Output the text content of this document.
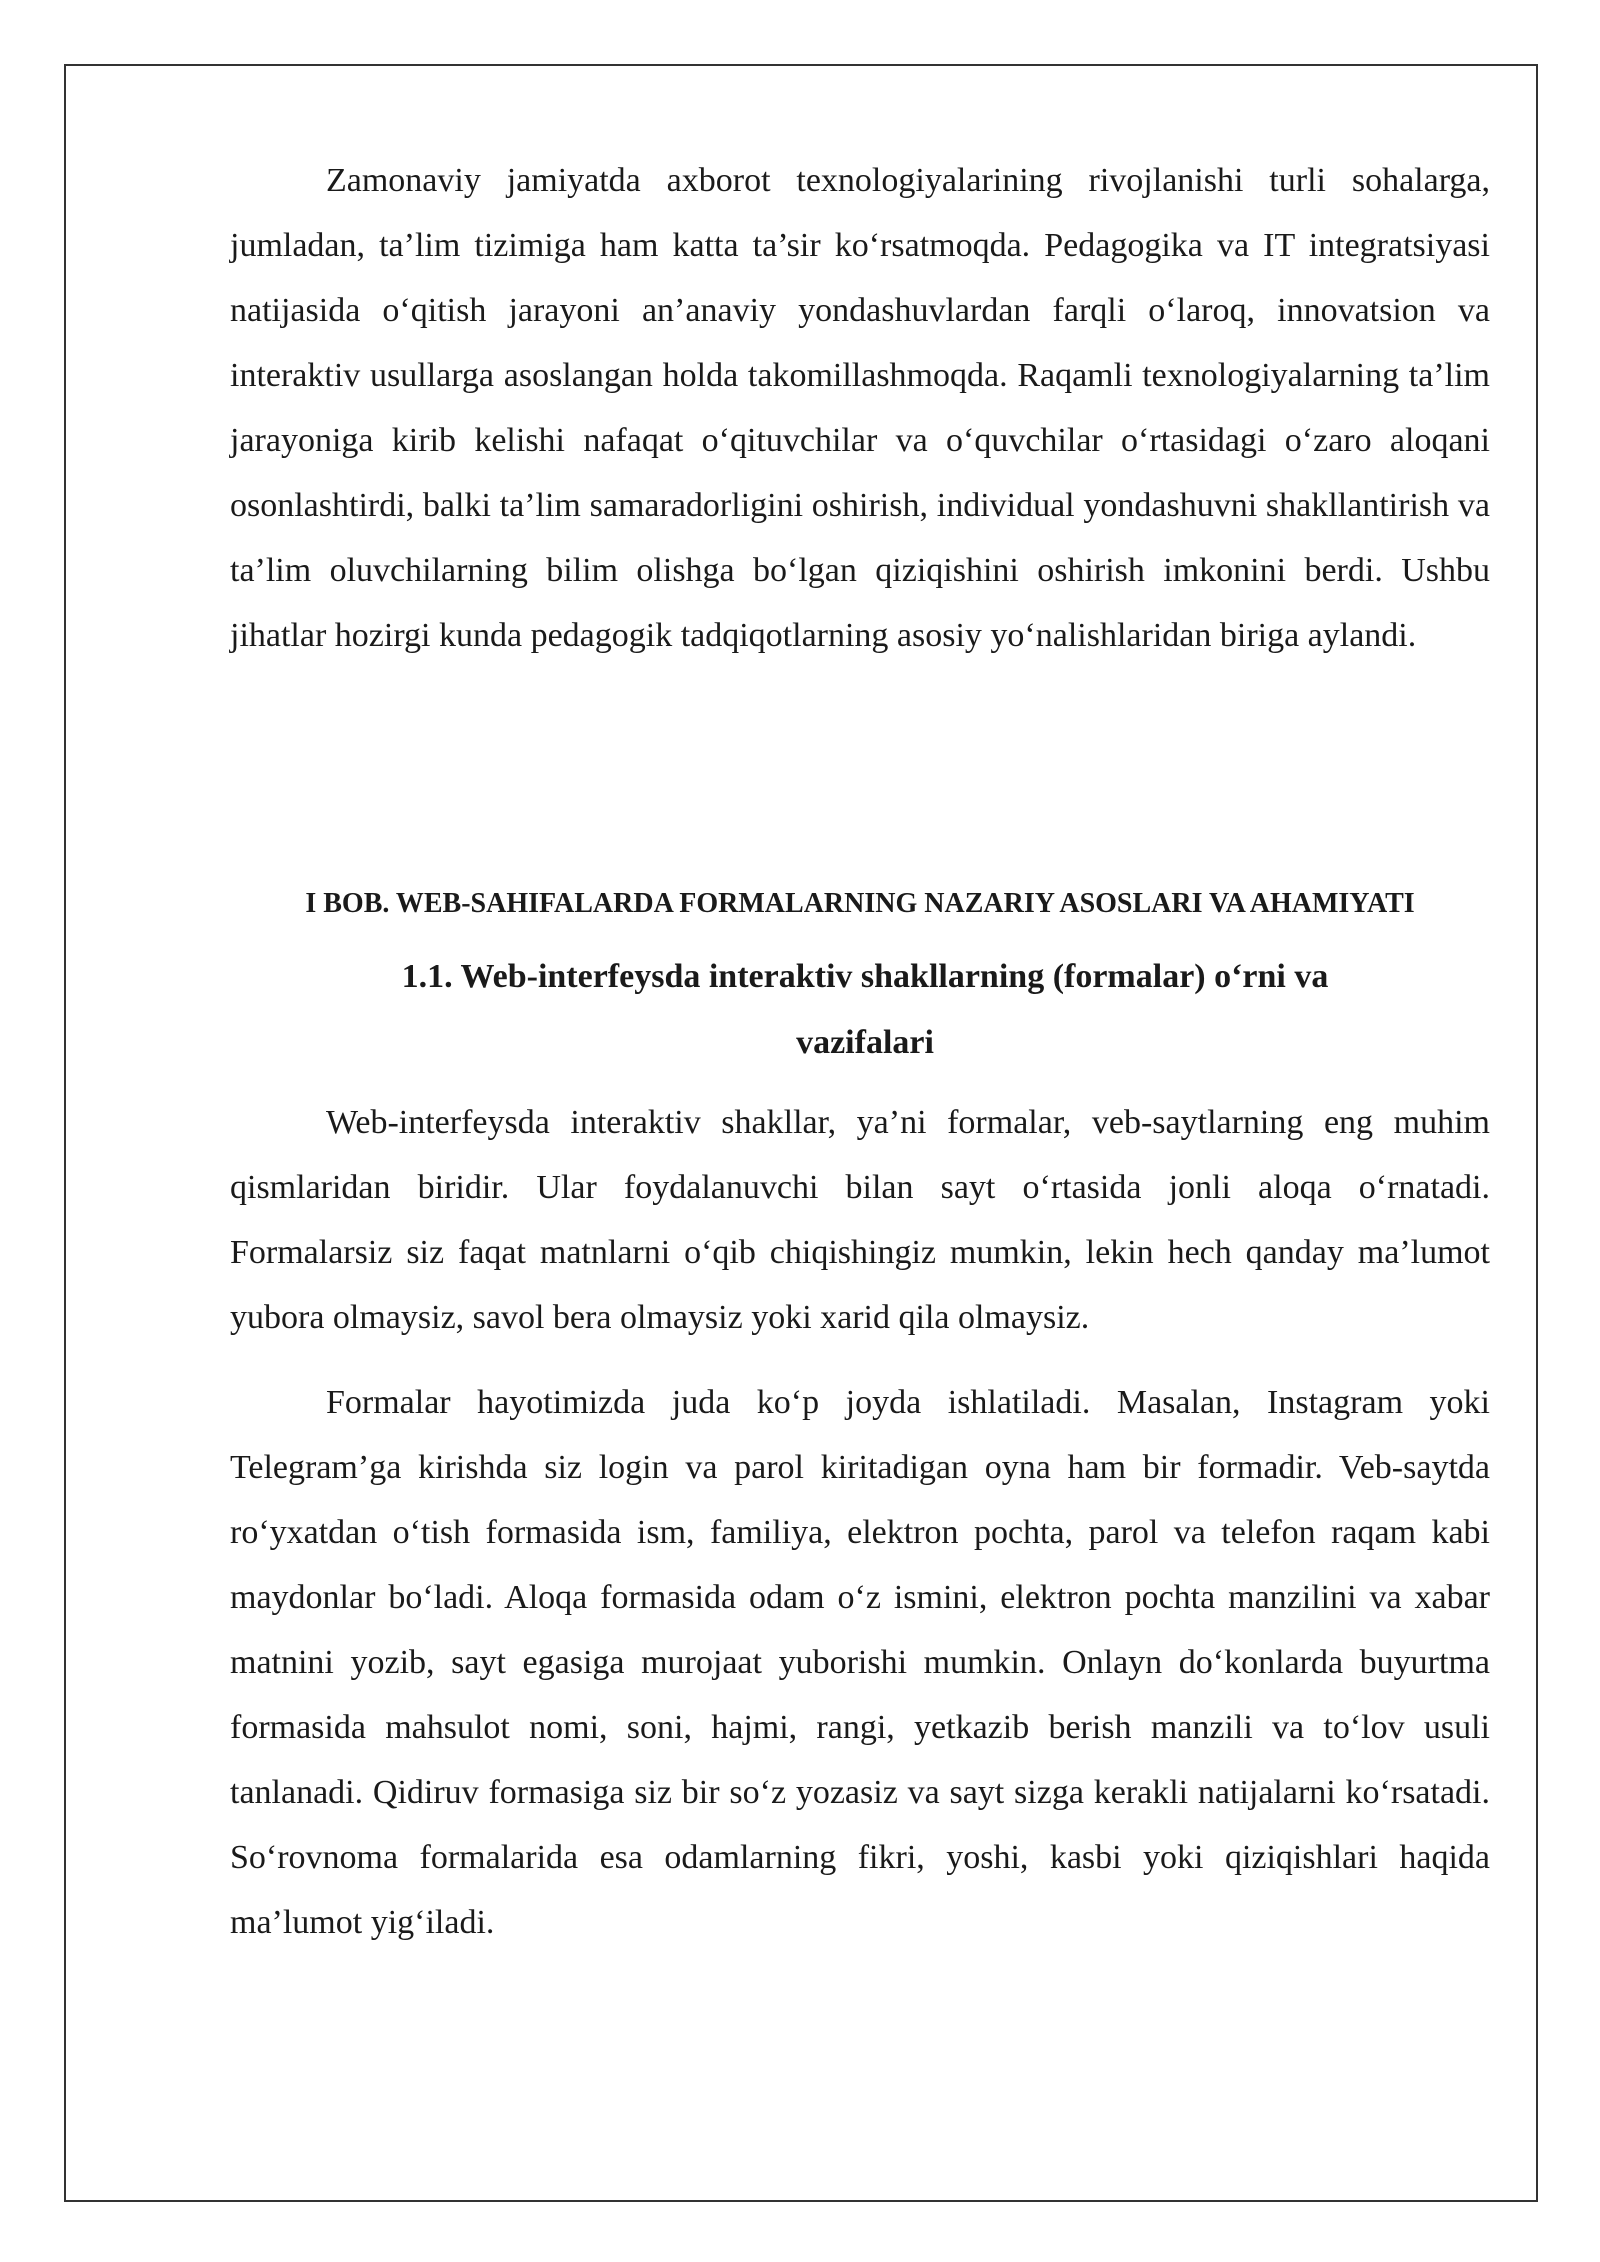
Zamonaviy jamiyatda axborot texnologiyalarining rivojlanishi turli sohalarga, jumladan, ta’lim tizimiga ham katta ta’sir ko‘rsatmoqda. Pedagogika va IT integratsiyasi natijasida o‘qitish jarayoni an’anaviy yondashuvlardan farqli o‘laroq, innovatsion va interaktiv usullarga asoslangan holda takomillashmoqda. Raqamli texnologiyalarning ta’lim jarayoniga kirib kelishi nafaqat o‘qituvchilar va o‘quvchilar o‘rtasidagi o‘zaro aloqani osonlashtirdi, balki ta’lim samaradorligini oshirish, individual yondashuvni shakllantirish va ta’lim oluvchilarning bilim olishga bo‘lgan qiziqishini oshirish imkonini berdi. Ushbu jihatlar hozirgi kunda pedagogik tadqiqotlarning asosiy yo‘nalishlaridan biriga aylandi.

I BOB. WEB-SAHIFALARDA FORMALARNING NAZARIY ASOSLARI VA AHAMIYATI
1.1. Web-interfeysda interaktiv shakllarning (formalar) o‘rni va vazifalari

Web-interfeysda interaktiv shakllar, ya’ni formalar, veb-saytlarning eng muhim qismlaridan biridir. Ular foydalanuvchi bilan sayt o‘rtasida jonli aloqa o‘rnatadi. Formalarsiz siz faqat matnlarni o‘qib chiqishingiz mumkin, lekin hech qanday ma’lumot yubora olmaysiz, savol bera olmaysiz yoki xarid qila olmaysiz.

Formalar hayotimizda juda ko‘p joyda ishlatiladi. Masalan, Instagram yoki Telegram’ga kirishda siz login va parol kiritadigan oyna ham bir formadir. Veb-saytda ro‘yxatdan o‘tish formasida ism, familiya, elektron pochta, parol va telefon raqam kabi maydonlar bo‘ladi. Aloqa formasida odam o‘z ismini, elektron pochta manzilini va xabar matnini yozib, sayt egasiga murojaat yuborishi mumkin. Onlayn do‘konlarda buyurtma formasida mahsulot nomi, soni, hajmi, rangi, yetkazib berish manzili va to‘lov usuli tanlanadi. Qidiruv formasiga siz bir so‘z yozasiz va sayt sizga kerakli natijalarni ko‘rsatadi. So‘rovnoma formalarida esa odamlarning fikri, yoshi, kasbi yoki qiziqishlari haqida ma’lumot yig‘iladi.
